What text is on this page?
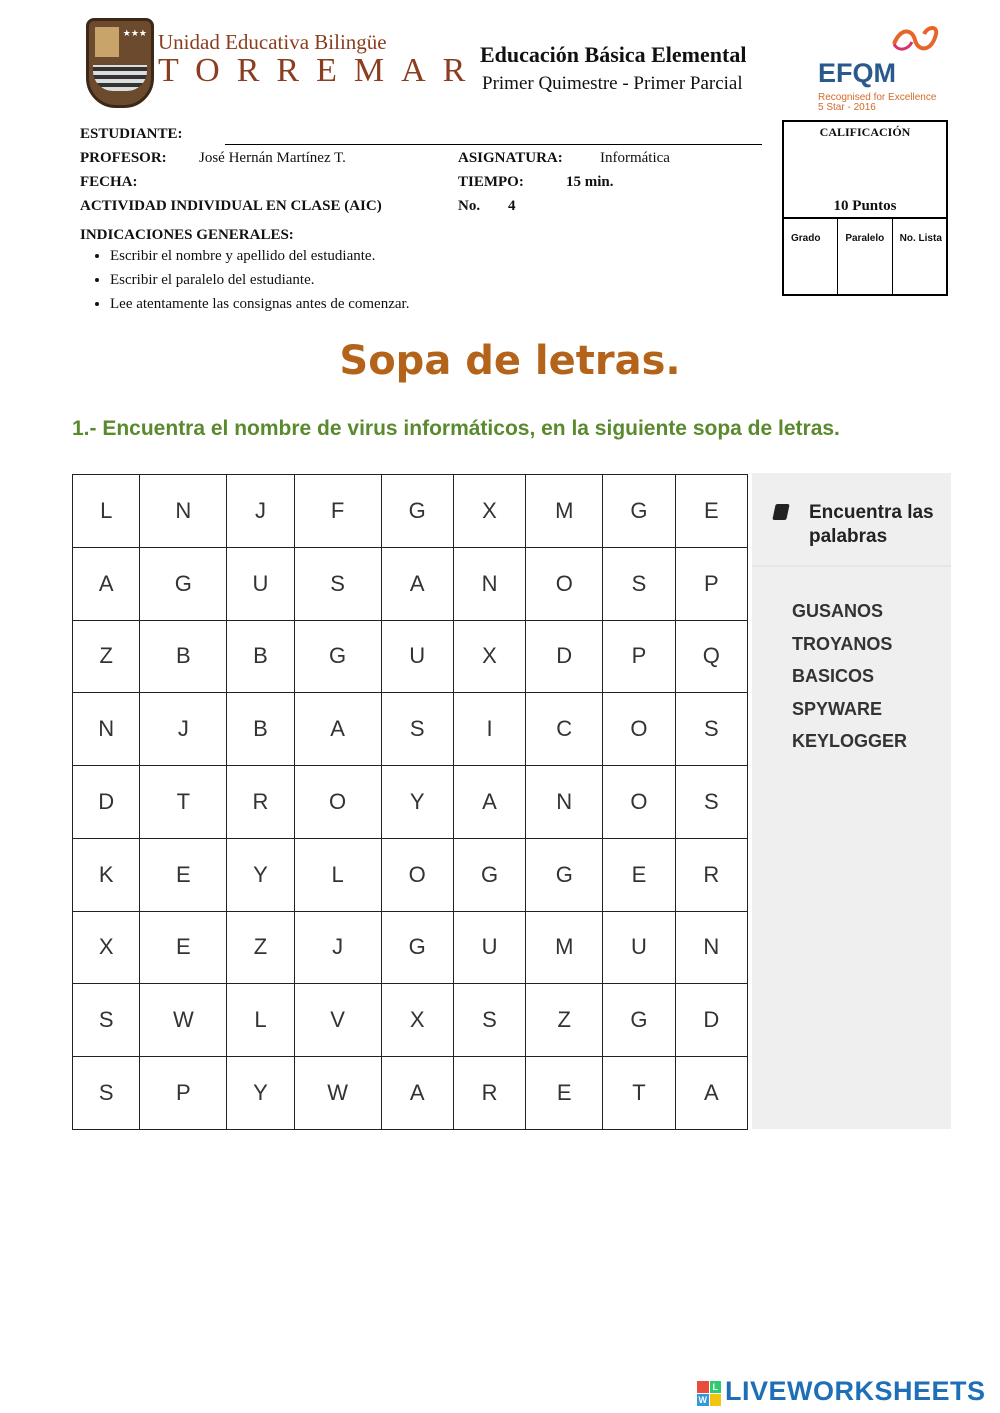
★★★ Unidad Educativa Bilingüe
TORREMAR
Educación Básica Elemental
Primer Quimestre - Primer Parcial	EFQM
Recognised for Excellence
5 Star - 2016
ESTUDIANTE:
PROFESOR: José Hernán Martínez T.	ASIGNATURA: Informática
FECHA:	TIEMPO:	15 min.
ACTIVIDAD INDIVIDUAL EN CLASE (AIC)	No. 4
INDICACIONES GENERALES:
• Escribir el nombre y apellido del estudiante.
• Escribir el paralelo del estudiante.
• Lee atentamente las consignas antes de comenzar.
CALIFICACIÓN
10 Puntos
Grado	Paralelo	No. Lista
Sopa de letras.
1.- Encuentra el nombre de virus informáticos, en la siguiente sopa de letras.
L	N	J	F	G	X	M	G	E
A	G	U	S	A	N	O	S	P
Z	B	B	G	U	X	D	P	Q
N	J	B	A	S	I	C	O	S
D	T	R	O	Y	A	N	O	S
K	E	Y	L	O	G	G	E	R
X	E	Z	J	G	U	M	U	N
S	W	L	V	X	S	Z	G	D
S	P	Y	W	A	R	E	T	A
Encuentra las palabras
GUSANOS
TROYANOS
BASICOS
SPYWARE
KEYLOGGER
L
W LIVEWORKSHEETS
